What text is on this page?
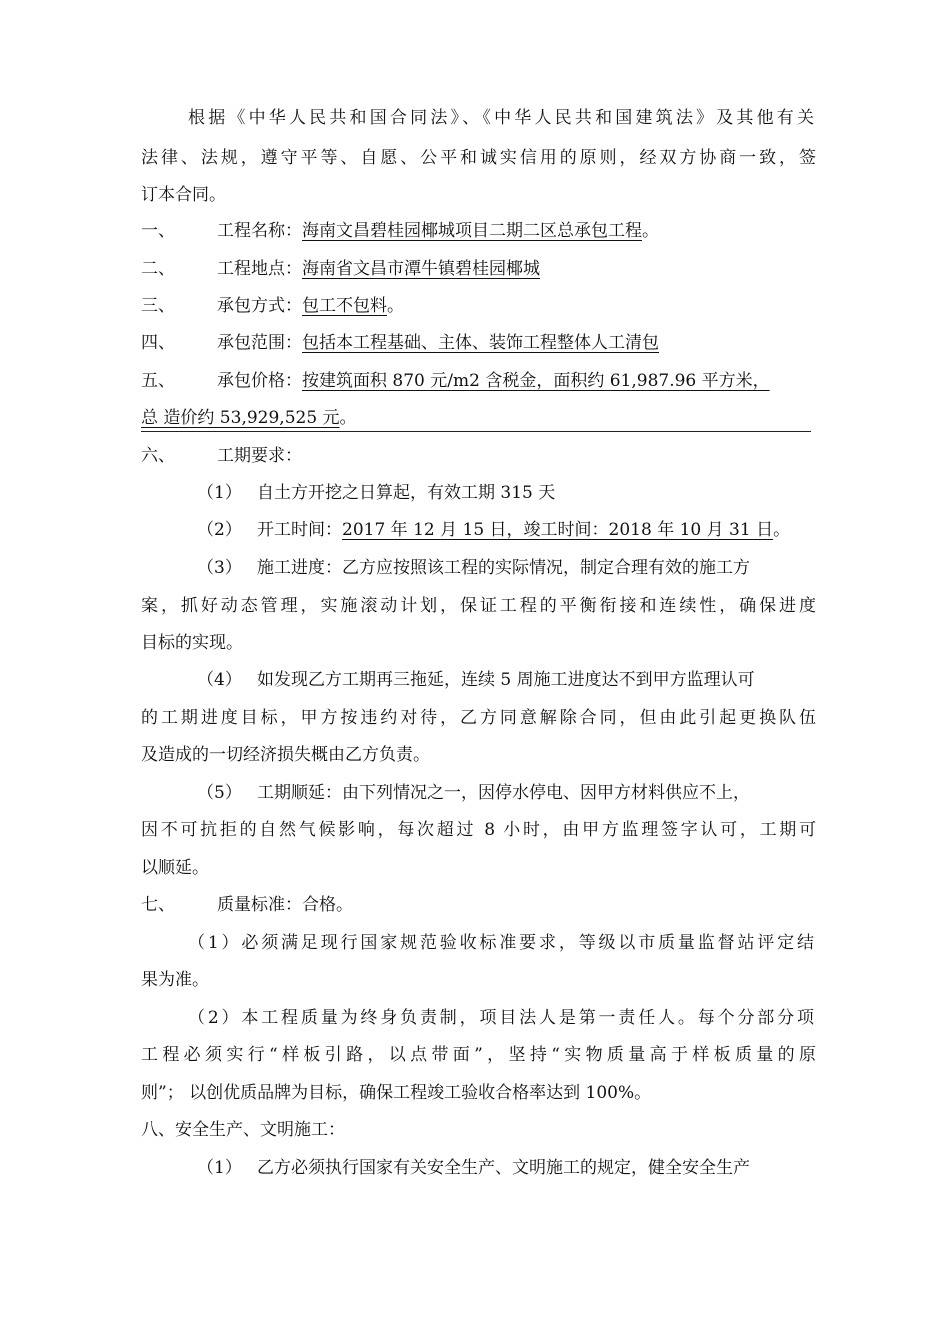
根据《中华人民共和国合同法》、《中华人民共和国建筑法》及其他有关
法律、法规，遵守平等、自愿、公平和诚实信用的原则，经双方协商一致，签
订本合同。
一、 工程名称：海南文昌碧桂园椰城项目二期二区总承包工程。
二、 工程地点：海南省文昌市潭牛镇碧桂园椰城
三、 承包方式：包工不包料。
四、 承包范围：包括本工程基础、主体、装饰工程整体人工清包
五、 承包价格：按建筑面积 870 元/m2 含税金，面积约 61,987.96 平方米，
总 造价约 53,929,525 元。
六、 工期要求：
（1） 自土方开挖之日算起，有效工期 315 天
（2） 开工时间：2017 年 12 月 15 日，竣工时间：2018 年 10 月 31 日。
（3） 施工进度：乙方应按照该工程的实际情况，制定合理有效的施工方
案，抓好动态管理，实施滚动计划，保证工程的平衡衔接和连续性，确保进度
目标的实现。
（4） 如发现乙方工期再三拖延，连续 5 周施工进度达不到甲方监理认可
的工期进度目标，甲方按违约对待，乙方同意解除合同，但由此引起更换队伍
及造成的一切经济损失概由乙方负责。
（5） 工期顺延：由下列情况之一，因停水停电、因甲方材料供应不上，
因不可抗拒的自然气候影响，每次超过 8 小时，由甲方监理签字认可，工期可
以顺延。
七、 质量标准：合格。
（1）必须满足现行国家规范验收标准要求，等级以市质量监督站评定结
果为准。
（2）本工程质量为终身负责制，项目法人是第一责任人。每个分部分项
工程必须实行“样板引路，以点带面”，坚持“实物质量高于样板质量的原
则”； 以创优质品牌为目标，确保工程竣工验收合格率达到 100%。
八、安全生产、文明施工：
（1） 乙方必须执行国家有关安全生产、文明施工的规定，健全安全生产
